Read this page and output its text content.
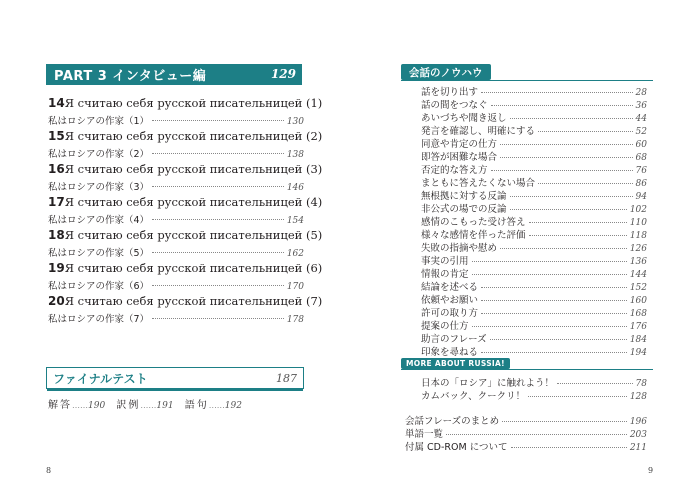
PART 3 インタビュー編	129
14 Я считаю себя русской писательницей (1)
私はロシアの作家（1）	130
15 Я считаю себя русской писательницей (2)
私はロシアの作家（2）	138
16 Я считаю себя русской писательницей (3)
私はロシアの作家（3）	146
17 Я считаю себя русской писательницей (4)
私はロシアの作家（4）	154
18 Я считаю себя русской писательницей (5)
私はロシアの作家（5）	162
19 Я считаю себя русской писательницей (6)
私はロシアの作家（6）	170
20 Я считаю себя русской писательницей (7)
私はロシアの作家（7）	178
ファイナルテスト	187
解答……190 訳例……191 語句……192
8
会話のノウハウ
話を切り出す	28
話の間をつなぐ	36
あいづちや聞き返し	44
発言を確認し、明確にする	52
同意や肯定の仕方	60
即答が困難な場合	68
否定的な答え方	76
まともに答えたくない場合	86
無根拠に対する反論	94
非公式の場での反論	102
感情のこもった受け答え	110
様々な感情を伴った評価	118
失敗の指摘や慰め	126
事実の引用	136
情報の肯定	144
結論を述べる	152
依頼やお願い	160
許可の取り方	168
提案の仕方	176
助言のフレーズ	184
印象を尋ねる	194
MORE ABOUT RUSSIA!
日本の「ロシア」に触れよう！	78
カムバック、クークリ！	128
会話フレーズのまとめ	196
単語一覧	203
付属 CD-ROM について	211
9
